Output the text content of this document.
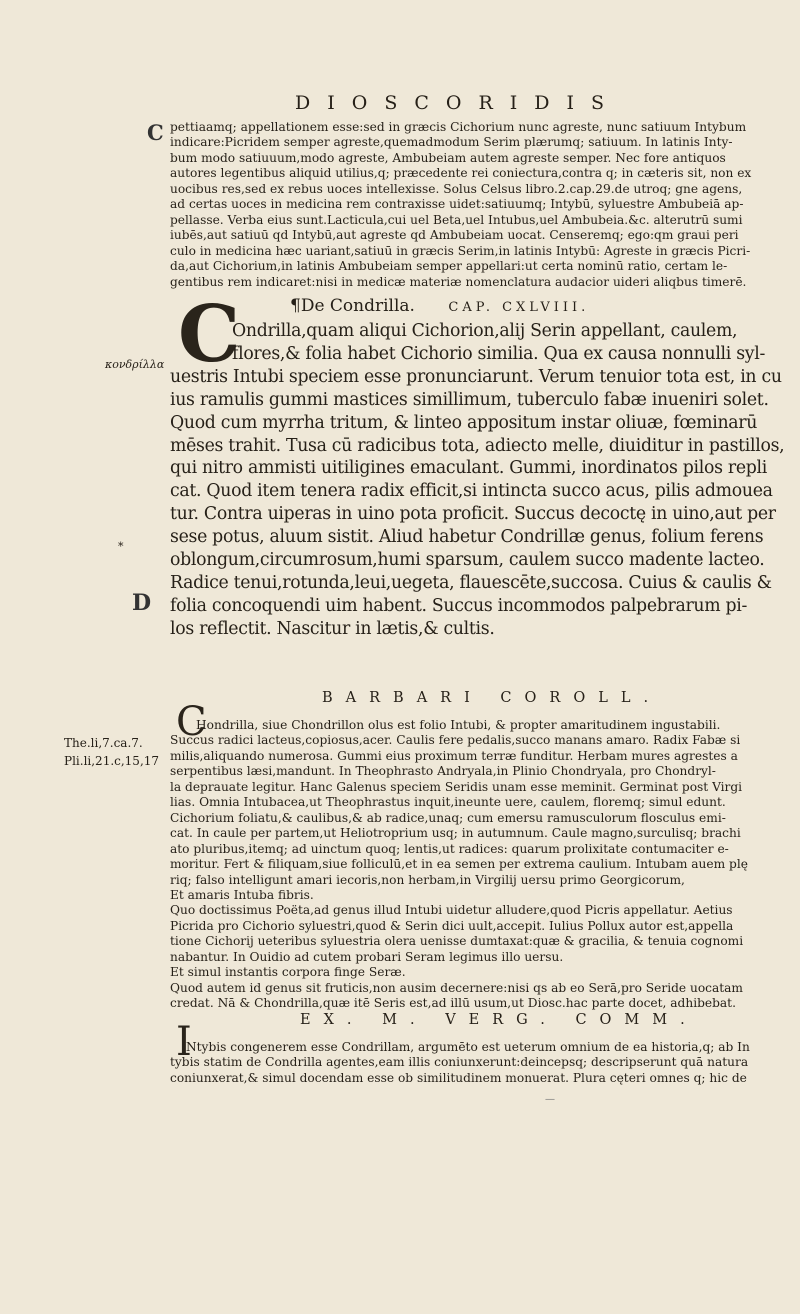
DIOSCORIDIS
C
D
κονδρίλλα
*
The.li,7.ca.7.
Pli.li,21.c,15,17

pettiaamq; appellationem esse:sed in græcis Cichorium nunc agreste, nunc satiuum Intybum

indicare:Picridem semper agreste,quemadmodum Serim plærumq; satiuum. In latinis Inty-

bum modo satiuuum,modo agreste, Ambubeiam autem agreste semper. Nec fore antiquos

autores legentibus aliquid utilius,q; præcedente rei coniectura,contra q; in cæteris sit, non ex

uocibus res,sed ex rebus uoces intellexisse. Solus Celsus libro.2.cap.29.de utroq; gne agens,

ad certas uoces in medicina rem contraxisse uidet:satiuumq; Intybū, syluestre Ambubeiā ap-

pellasse. Verba eius sunt.Lacticula,cui uel Beta,uel Intubus,uel Ambubeia.&c. alterutrū sumi

iubēs,aut satiuū qd Intybū,aut agreste qd Ambubeiam uocat. Censeremq; ego:qm graui peri

culo in medicina hæc uariant,satiuū in græcis Serim,in latinis Intybū: Agreste in græcis Picri-

da,aut Cichorium,in latinis Ambubeiam semper appellari:ut certa nominū ratio, certam le-

gentibus rem indicaret:nisi in medicæ materiæ nomenclatura audacior uideri aliqbus timerē.

¶De Condrilla.	CAP. CXLVIII.
C

Ondrilla,quam aliqui Cichorion,alij Serin appellant, caulem,

flores,& folia habet Cichorio similia. Qua ex causa nonnulli syl-

uestris Intubi speciem esse pronunciarunt. Verum tenuior tota est, in cu

ius ramulis gummi mastices simillimum, tuberculo fabæ inueniri solet.

Quod cum myrrha tritum, & linteo appositum instar oliuæ, fœminarū

mēses trahit. Tusa cū radicibus tota, adiecto melle, diuiditur in pastillos,

qui nitro ammisti uitiligines emaculant. Gummi, inordinatos pilos repli

cat. Quod item tenera radix efficit,si intincta succo acus, pilis admouea

tur. Contra uiperas in uino pota proficit. Succus decoctę in uino,aut per

sese potus, aluum sistit. Aliud habetur Condrillæ genus, folium ferens

oblongum,circumrosum,humi sparsum, caulem succo madente lacteo.

Radice tenui,rotunda,leui,uegeta, flauescēte,succosa. Cuius & caulis &

folia concoquendi uim habent. Succus incommodos palpebrarum pi-

los reflectit. Nascitur in lætis,& cultis.

BARBARI COROLL.
C

Hondrilla, siue Chondrillon olus est folio Intubi, & propter amaritudinem ingustabili.

Succus radici lacteus,copiosus,acer. Caulis fere pedalis,succo manans amaro. Radix Fabæ si

milis,aliquando numerosa. Gummi eius proximum terræ funditur. Herbam mures agrestes a

serpentibus læsi,mandunt. In Theophrasto Andryala,in Plinio Chondryala, pro Chondryl-

la deprauate legitur. Hanc Galenus speciem Seridis unam esse meminit. Germinat post Virgi

lias. Omnia Intubacea,ut Theophrastus inquit,ineunte uere, caulem, floremq; simul edunt.

Cichorium foliatu,& caulibus,& ab radice,unaq; cum emersu ramusculorum flosculus emi-

cat. In caule per partem,ut Heliotroprium usq; in autumnum. Caule magno,surculisq; brachi

ato pluribus,itemq; ad uinctum quoq; lentis,ut radices: quarum prolixitate contumaciter e-

moritur. Fert & filiquam,siue folliculū,et in ea semen per extrema caulium. Intubam auem plę

riq; falso intelligunt amari iecoris,non herbam,in Virgilij uersu primo Georgicorum,

Et amaris Intuba fibris.

Quo doctissimus Poëta,ad genus illud Intubi uidetur alludere,quod Picris appellatur. Aetius

Picrida pro Cichorio syluestri,quod & Serin dici uult,accepit. Iulius Pollux autor est,appella

tione Cichorij ueteribus syluestria olera uenisse dumtaxat:quæ & gracilia, & tenuia cognomi

nabantur. In Ouidio ad cutem probari Seram legimus illo uersu.

Et simul instantis corpora finge Seræ.

Quod autem id genus sit fruticis,non ausim decernere:nisi qs ab eo Serā,pro Seride uocatam

credat. Nā & Chondrilla,quæ itē Seris est,ad illū usum,ut Diosc.hac parte docet, adhibebat.

EX. M. VERG. COMM.
I

Ntybis congenerem esse Condrillam, argumēto est ueterum omnium de ea historia,q; ab In

tybis statim de Condrilla agentes,eam illis coniunxerunt:deincepsq; descripserunt quā natura

coniunxerat,& simul docendam esse ob similitudinem monuerat. Plura cęteri omnes q; hic de

—
